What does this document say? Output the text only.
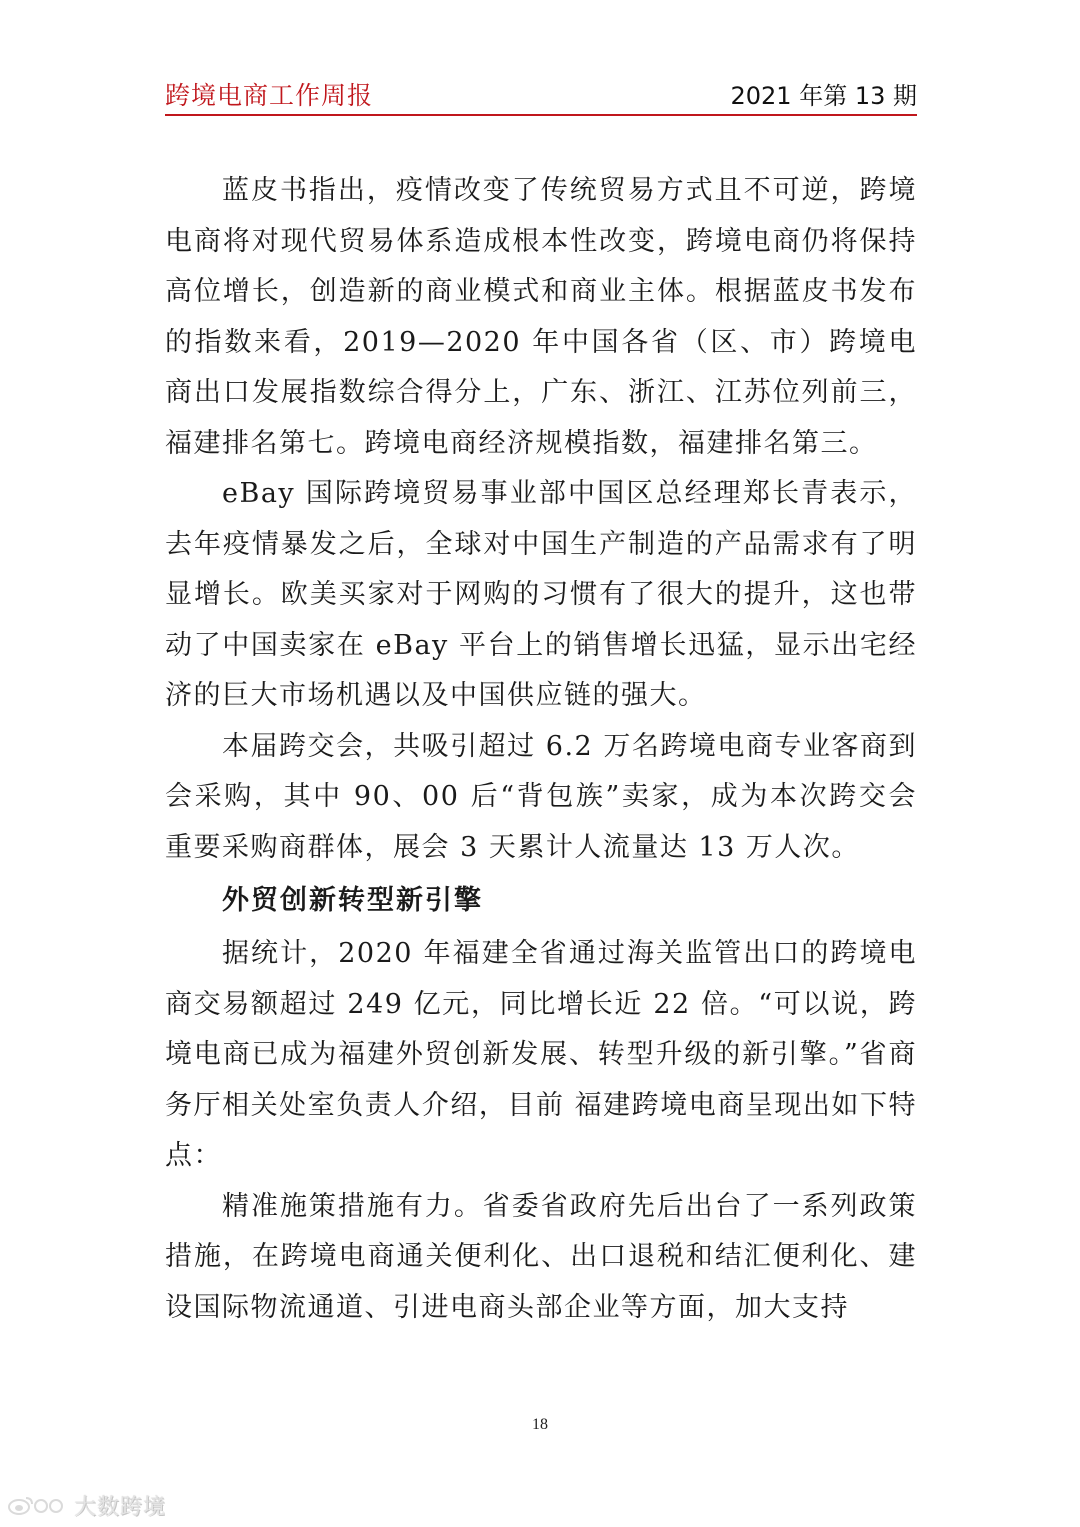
跨境电商工作周报	2021 年第 13 期

蓝皮书指出，疫情改变了传统贸易方式且不可逆，跨境电商将对现代贸易体系造成根本性改变，跨境电商仍将保持高位增长，创造新的商业模式和商业主体。根据蓝皮书发布的指数来看，2019—2020 年中国各省（区、市）跨境电商出口发展指数综合得分上，广东、浙江、江苏位列前三，福建排名第七。跨境电商经济规模指数，福建排名第三。

eBay 国际跨境贸易事业部中国区总经理郑长青表示，去年疫情暴发之后，全球对中国生产制造的产品需求有了明显增长。欧美买家对于网购的习惯有了很大的提升，这也带动了中国卖家在 eBay 平台上的销售增长迅猛，显示出宅经济的巨大市场机遇以及中国供应链的强大。

本届跨交会，共吸引超过 6.2 万名跨境电商专业客商到会采购，其中 90、00 后“背包族”卖家，成为本次跨交会重要采购商群体，展会 3 天累计人流量达 13 万人次。

外贸创新转型新引擎

据统计，2020 年福建全省通过海关监管出口的跨境电商交易额超过 249 亿元，同比增长近 22 倍。“可以说，跨境电商已成为福建外贸创新发展、转型升级的新引擎。”省商务厅相关处室负责人介绍，目前 福建跨境电商呈现出如下特点：

精准施策措施有力。省委省政府先后出台了一系列政策措施，在跨境电商通关便利化、出口退税和结汇便利化、建设国际物流通道、引进电商头部企业等方面，加大支持

18
大数跨境
